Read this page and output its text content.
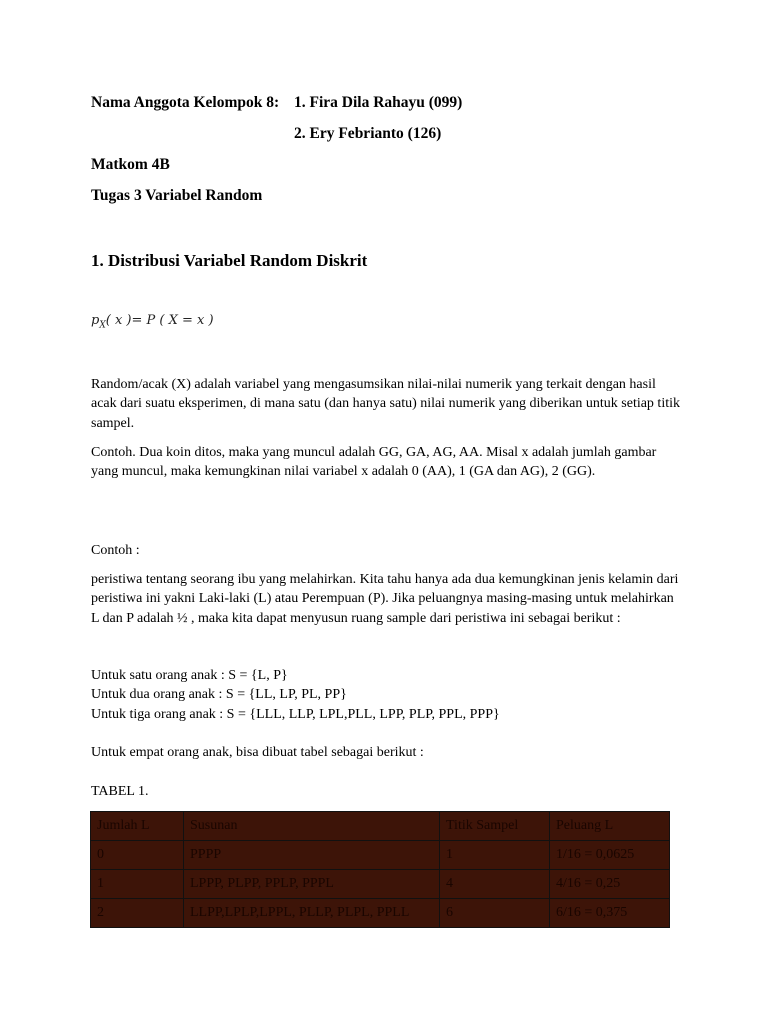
Nama Anggota Kelompok 8: 1. Fira Dila Rahayu (099)
2. Ery Febrianto (126)
Matkom 4B
Tugas 3 Variabel Random
1. Distribusi Variabel Random Diskrit
$p_X$( x )= P ( X = x )
Random/acak (X) adalah variabel yang mengasumsikan nilai-nilai numerik yang terkait dengan hasil acak dari suatu eksperimen, di mana satu (dan hanya satu) nilai numerik yang diberikan untuk setiap titik sampel.
Contoh. Dua koin ditos, maka yang muncul adalah GG, GA, AG, AA. Misal x adalah jumlah gambar yang muncul, maka kemungkinan nilai variabel x adalah 0 (AA), 1 (GA dan AG), 2 (GG).
Contoh :
peristiwa tentang seorang ibu yang melahirkan. Kita tahu hanya ada dua kemungkinan jenis kelamin dari peristiwa ini yakni Laki-laki (L) atau Perempuan (P). Jika peluangnya masing-masing untuk melahirkan L dan P adalah ½ , maka kita dapat menyusun ruang sample dari peristiwa ini sebagai berikut :
Untuk satu orang anak : S = {L, P}
Untuk dua orang anak : S = {LL, LP, PL, PP}
Untuk tiga orang anak : S = {LLL, LLP, LPL,PLL, LPP, PLP, PPL, PPP}
Untuk empat orang anak, bisa dibuat tabel sebagai berikut :
TABEL 1.
Jumlah L	Susunan	Titik Sampel	Peluang L
0	PPPP	1	1/16 = 0,0625
1	LPPP, PLPP, PPLP, PPPL	4	4/16 = 0,25
2	LLPP,LPLP,LPPL, PLLP, PLPL, PPLL	6	6/16 = 0,375
